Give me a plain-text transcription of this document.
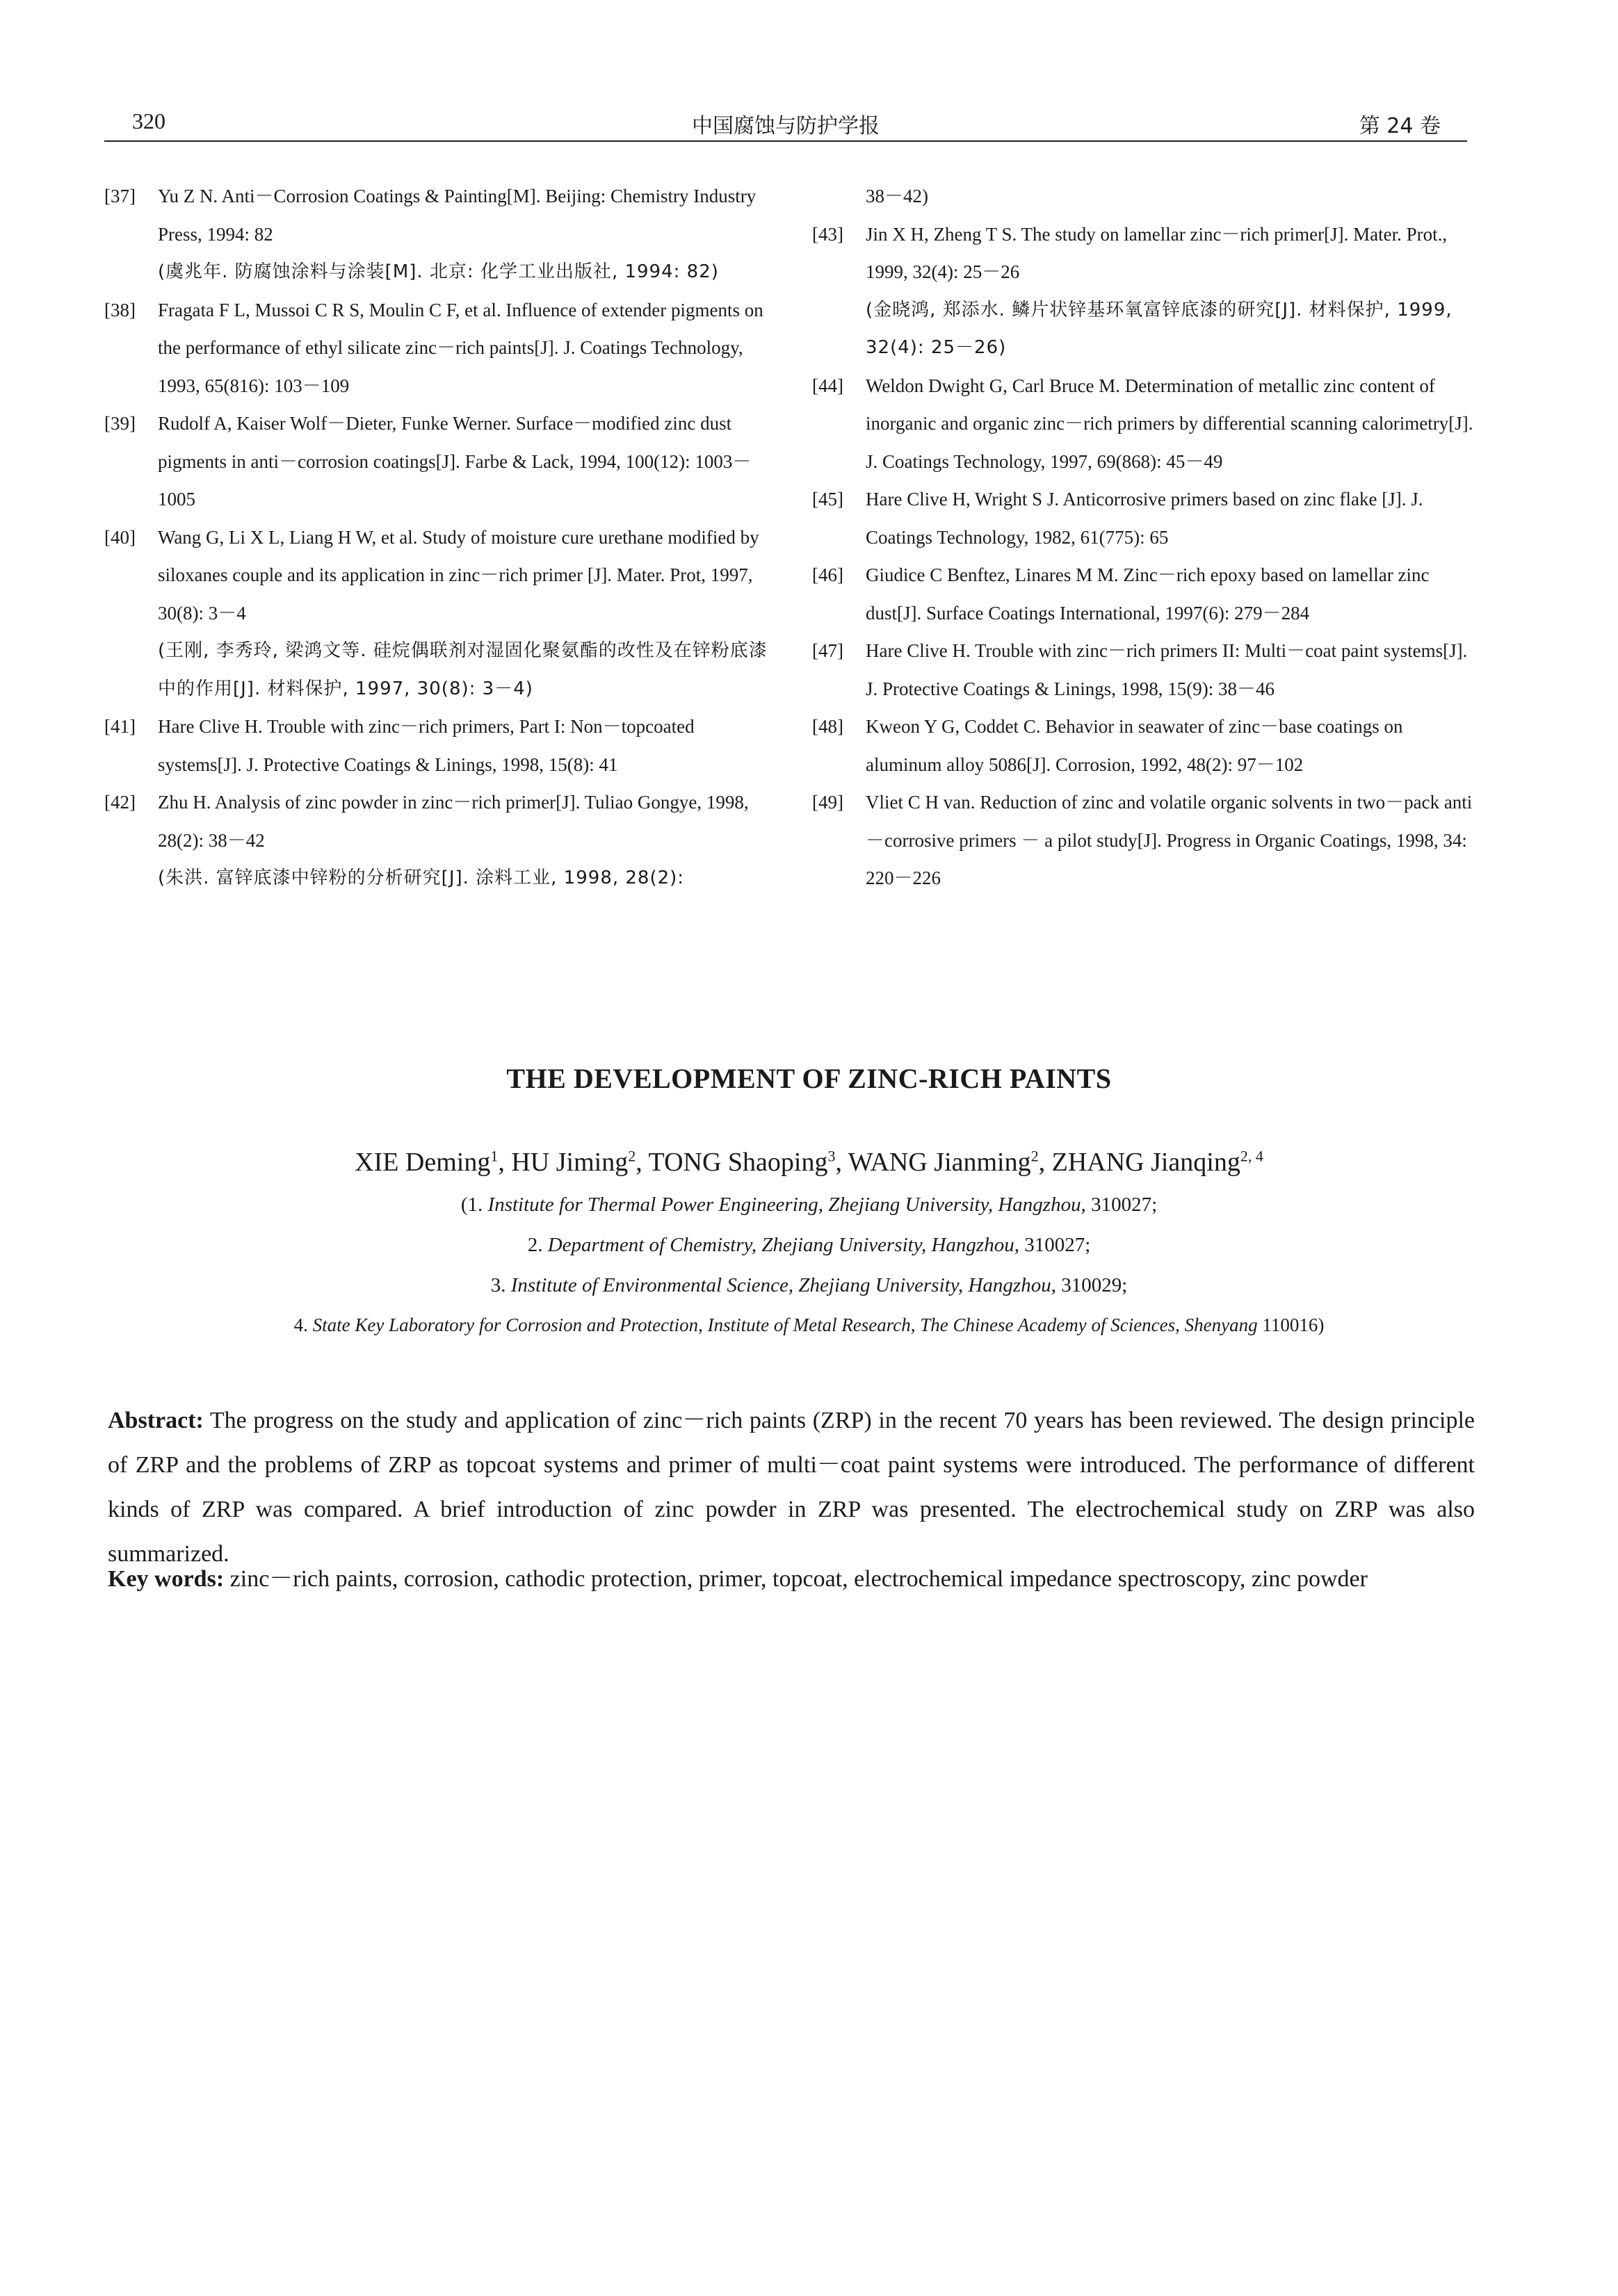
320	中国腐蚀与防护学报	第 24 卷
[37] Yu Z N. Anti－Corrosion Coatings & Painting[M]. Beijing: Chemistry Industry Press, 1994: 82
(虞兆年. 防腐蚀涂料与涂装[M]. 北京: 化学工业出版社, 1994: 82)
[38] Fragata F L, Mussoi C R S, Moulin C F, et al. Influence of extender pigments on the performance of ethyl silicate zinc－rich paints[J]. J. Coatings Technology, 1993, 65(816): 103－109
[39] Rudolf A, Kaiser Wolf－Dieter, Funke Werner. Surface－modified zinc dust pigments in anti－corrosion coatings[J]. Farbe & Lack, 1994, 100(12): 1003－1005
[40] Wang G, Li X L, Liang H W, et al. Study of moisture cure urethane modified by siloxanes couple and its application in zinc－rich primer [J]. Mater. Prot, 1997, 30(8): 3－4
(王刚, 李秀玲, 梁鸿文等. 硅烷偶联剂对湿固化聚氨酯的改性及在锌粉底漆中的作用[J]. 材料保护, 1997, 30(8): 3－4)
[41] Hare Clive H. Trouble with zinc－rich primers, Part I: Non－topcoated systems[J]. J. Protective Coatings & Linings, 1998, 15(8): 41
[42] Zhu H. Analysis of zinc powder in zinc－rich primer[J]. Tuliao Gongye, 1998, 28(2): 38－42
(朱洪. 富锌底漆中锌粉的分析研究[J]. 涂料工业, 1998, 28(2):
38－42)
[43] Jin X H, Zheng T S. The study on lamellar zinc－rich primer[J]. Mater. Prot., 1999, 32(4): 25－26
(金晓鸿, 郑添水. 鳞片状锌基环氧富锌底漆的研究[J]. 材料保护, 1999, 32(4): 25－26)
[44] Weldon Dwight G, Carl Bruce M. Determination of metallic zinc content of inorganic and organic zinc－rich primers by differential scanning calorimetry[J]. J. Coatings Technology, 1997, 69(868): 45－49
[45] Hare Clive H, Wright S J. Anticorrosive primers based on zinc flake [J]. J. Coatings Technology, 1982, 61(775): 65
[46] Giudice C Benftez, Linares M M. Zinc－rich epoxy based on lamellar zinc dust[J]. Surface Coatings International, 1997(6): 279－284
[47] Hare Clive H. Trouble with zinc－rich primers II: Multi－coat paint systems[J]. J. Protective Coatings & Linings, 1998, 15(9): 38－46
[48] Kweon Y G, Coddet C. Behavior in seawater of zinc－base coatings on aluminum alloy 5086[J]. Corrosion, 1992, 48(2): 97－102
[49] Vliet C H van. Reduction of zinc and volatile organic solvents in two－pack anti－corrosive primers － a pilot study[J]. Progress in Organic Coatings, 1998, 34: 220－226
THE DEVELOPMENT OF ZINC-RICH PAINTS
XIE Deming$^1$, HU Jiming$^2$, TONG Shaoping$^3$, WANG Jianming$^2$, ZHANG Jianqing$^{2, 4}$
(1. Institute for Thermal Power Engineering, Zhejiang University, Hangzhou, 310027;
2. Department of Chemistry, Zhejiang University, Hangzhou, 310027;
3. Institute of Environmental Science, Zhejiang University, Hangzhou, 310029;
4. State Key Laboratory for Corrosion and Protection, Institute of Metal Research, The Chinese Academy of Sciences, Shenyang 110016)
Abstract: The progress on the study and application of zinc－rich paints (ZRP) in the recent 70 years has been reviewed. The design principle of ZRP and the problems of ZRP as topcoat systems and primer of multi－coat paint systems were introduced. The performance of different kinds of ZRP was compared. A brief introduction of zinc powder in ZRP was presented. The electrochemical study on ZRP was also summarized.
Key words: zinc－rich paints, corrosion, cathodic protection, primer, topcoat, electrochemical impedance spectroscopy, zinc powder
